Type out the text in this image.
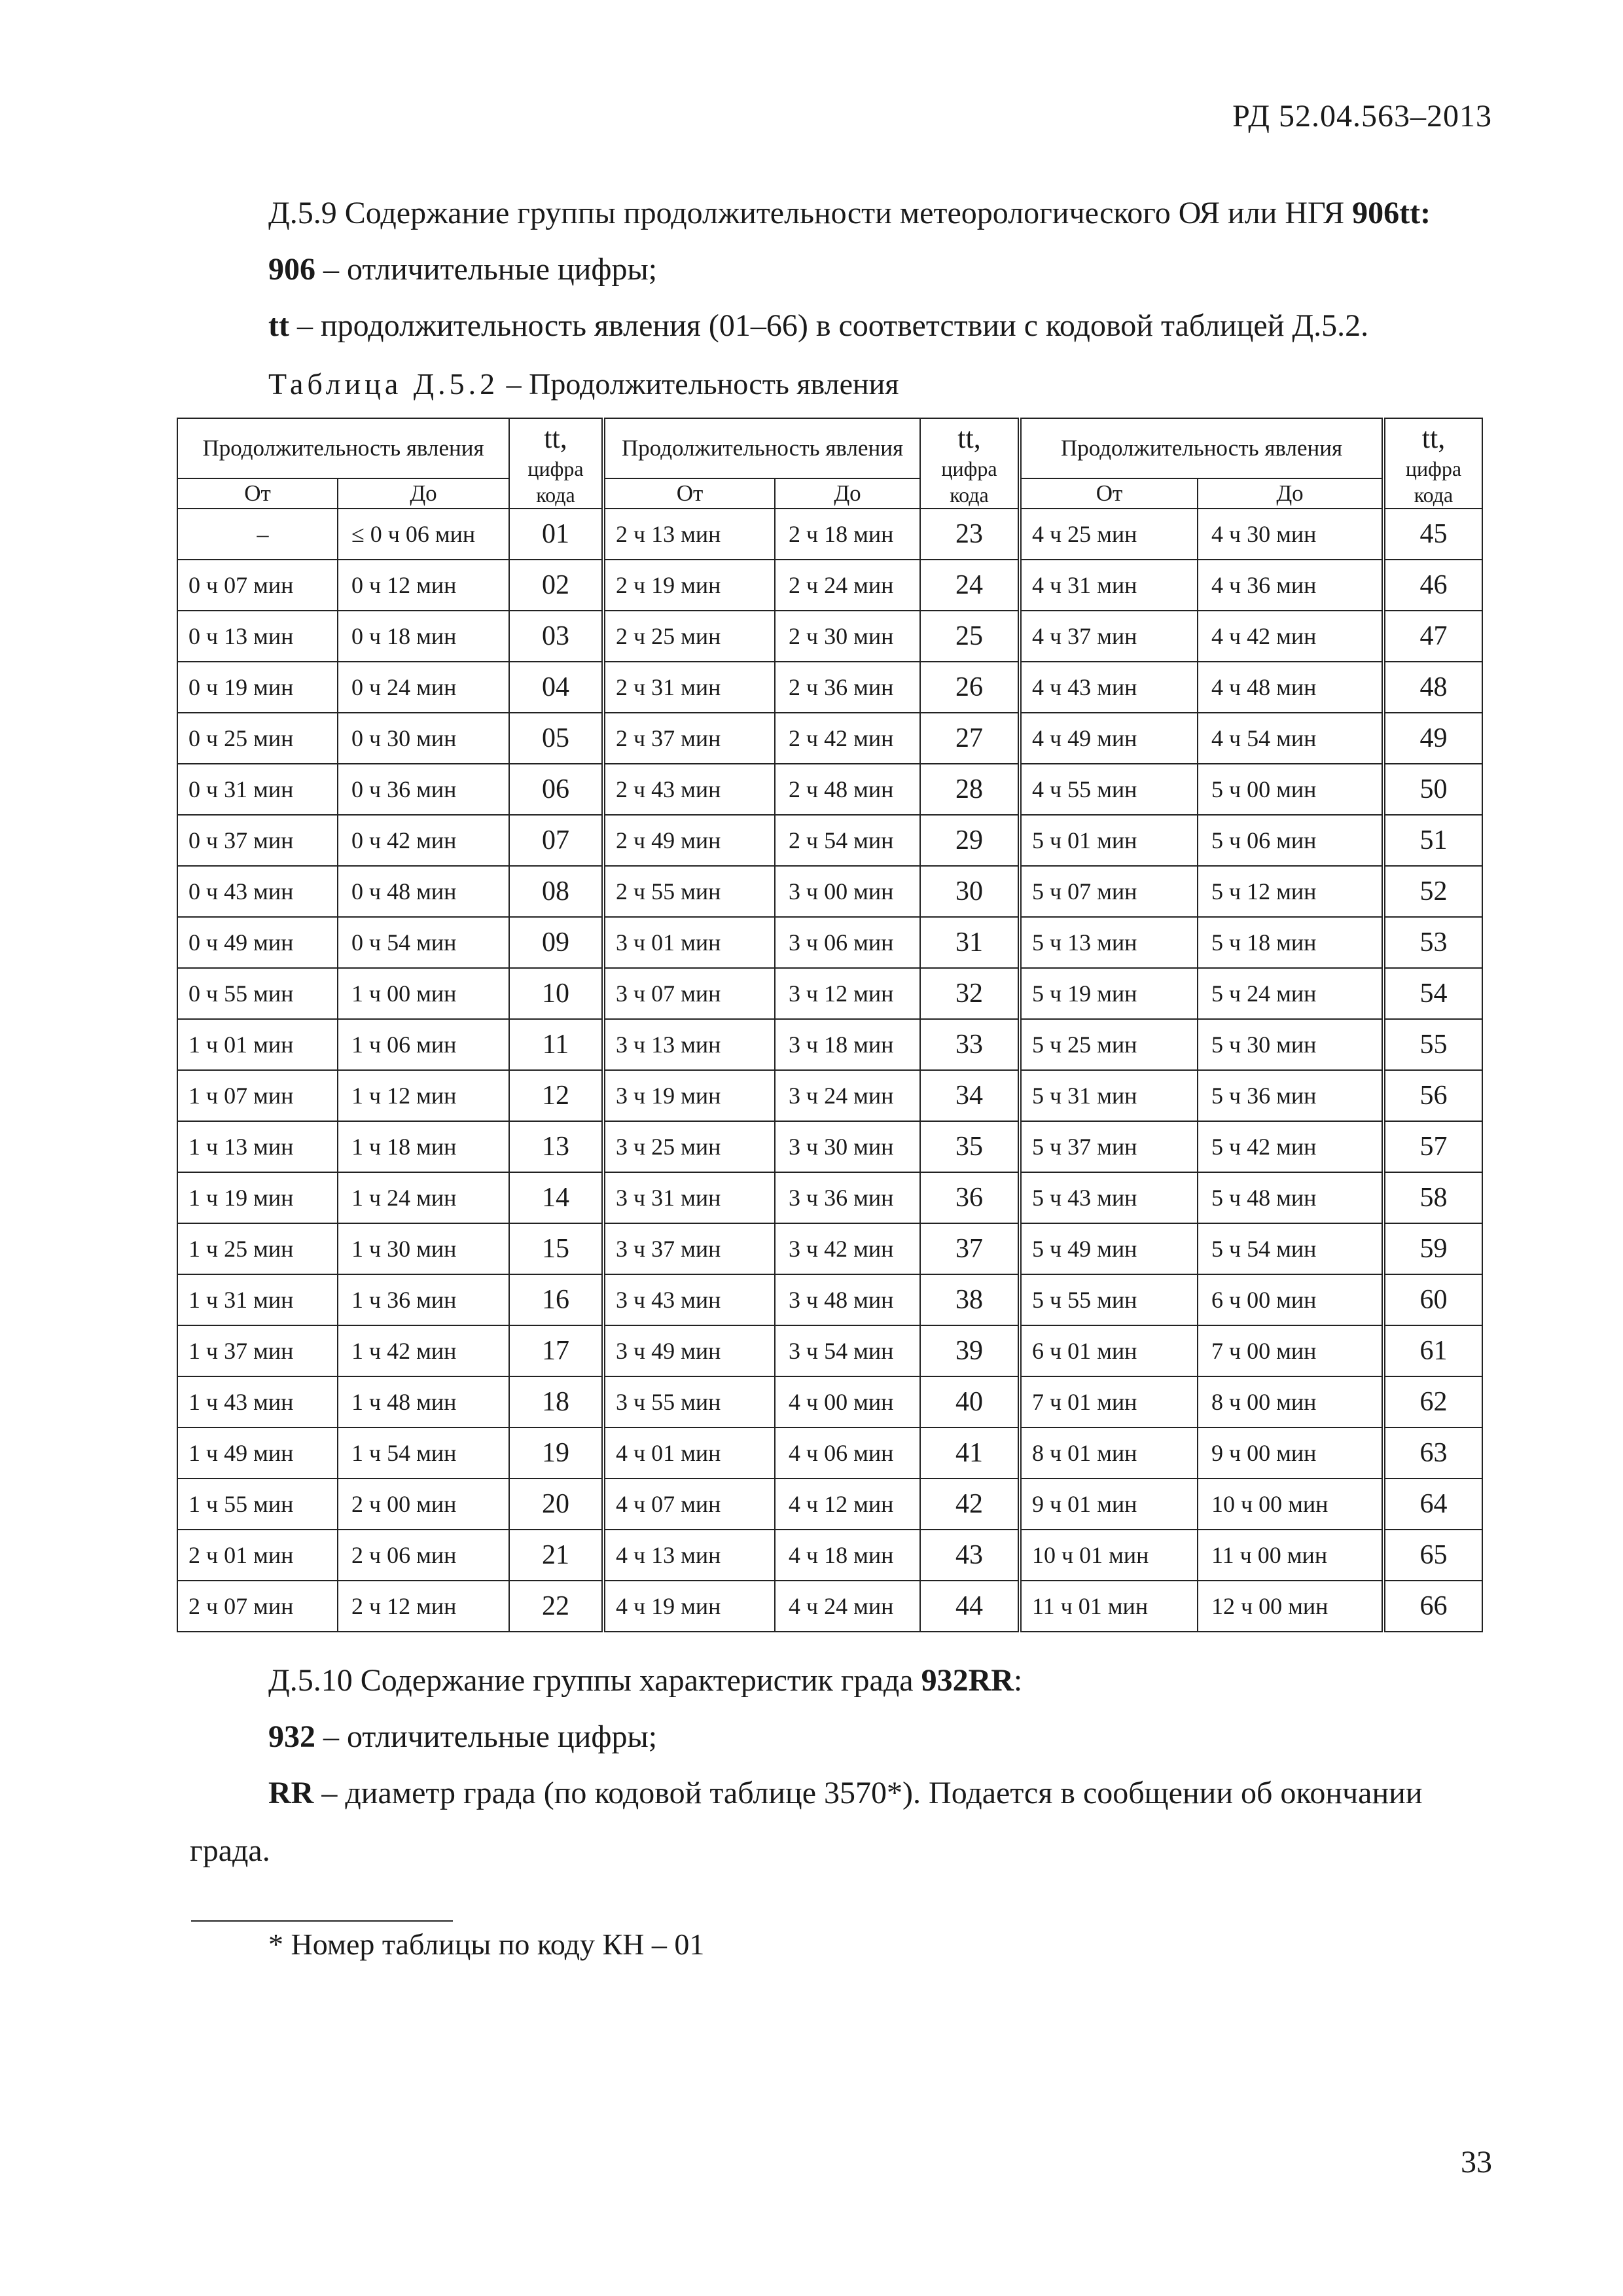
РД 52.04.563–2013
Д.5.9 Содержание группы продолжительности метеорологического ОЯ или НГЯ 906tt:
906 – отличительные цифры;
tt – продолжительность явления (01–66) в соответствии с кодовой таблицей Д.5.2.
Таблица Д.5.2 – Продолжительность явления
Продолжительность явления		tt,
цифра
кода	Продолжительность явления		tt,
цифра
кода	Продолжительность явления		tt,
цифра
кода

От	До		От	До		От	До	
–	≤ 0 ч 06 мин	01	2 ч 13 мин	2 ч 18 мин	23	4 ч 25 мин	4 ч 30 мин	45
0 ч 07 мин	0 ч 12 мин	02	2 ч 19 мин	2 ч 24 мин	24	4 ч 31 мин	4 ч 36 мин	46
0 ч 13 мин	0 ч 18 мин	03	2 ч 25 мин	2 ч 30 мин	25	4 ч 37 мин	4 ч 42 мин	47
0 ч 19 мин	0 ч 24 мин	04	2 ч 31 мин	2 ч 36 мин	26	4 ч 43 мин	4 ч 48 мин	48
0 ч 25 мин	0 ч 30 мин	05	2 ч 37 мин	2 ч 42 мин	27	4 ч 49 мин	4 ч 54 мин	49
0 ч 31 мин	0 ч 36 мин	06	2 ч 43 мин	2 ч 48 мин	28	4 ч 55 мин	5 ч 00 мин	50
0 ч 37 мин	0 ч 42 мин	07	2 ч 49 мин	2 ч 54 мин	29	5 ч 01 мин	5 ч 06 мин	51
0 ч 43 мин	0 ч 48 мин	08	2 ч 55 мин	3 ч 00 мин	30	5 ч 07 мин	5 ч 12 мин	52
0 ч 49 мин	0 ч 54 мин	09	3 ч 01 мин	3 ч 06 мин	31	5 ч 13 мин	5 ч 18 мин	53
0 ч 55 мин	1 ч 00 мин	10	3 ч 07 мин	3 ч 12 мин	32	5 ч 19 мин	5 ч 24 мин	54
1 ч 01 мин	1 ч 06 мин	11	3 ч 13 мин	3 ч 18 мин	33	5 ч 25 мин	5 ч 30 мин	55
1 ч 07 мин	1 ч 12 мин	12	3 ч 19 мин	3 ч 24 мин	34	5 ч 31 мин	5 ч 36 мин	56
1 ч 13 мин	1 ч 18 мин	13	3 ч 25 мин	3 ч 30 мин	35	5 ч 37 мин	5 ч 42 мин	57
1 ч 19 мин	1 ч 24 мин	14	3 ч 31 мин	3 ч 36 мин	36	5 ч 43 мин	5 ч 48 мин	58
1 ч 25 мин	1 ч 30 мин	15	3 ч 37 мин	3 ч 42 мин	37	5 ч 49 мин	5 ч 54 мин	59
1 ч 31 мин	1 ч 36 мин	16	3 ч 43 мин	3 ч 48 мин	38	5 ч 55 мин	6 ч 00 мин	60
1 ч 37 мин	1 ч 42 мин	17	3 ч 49 мин	3 ч 54 мин	39	6 ч 01 мин	7 ч 00 мин	61
1 ч 43 мин	1 ч 48 мин	18	3 ч 55 мин	4 ч 00 мин	40	7 ч 01 мин	8 ч 00 мин	62
1 ч 49 мин	1 ч 54 мин	19	4 ч 01 мин	4 ч 06 мин	41	8 ч 01 мин	9 ч 00 мин	63
1 ч 55 мин	2 ч 00 мин	20	4 ч 07 мин	4 ч 12 мин	42	9 ч 01 мин	10 ч 00 мин	64
2 ч 01 мин	2 ч 06 мин	21	4 ч 13 мин	4 ч 18 мин	43	10 ч 01 мин	11 ч 00 мин	65
2 ч 07 мин	2 ч 12 мин	22	4 ч 19 мин	4 ч 24 мин	44	11 ч 01 мин	12 ч 00 мин	66
Д.5.10 Содержание группы характеристик града 932RR:
932 – отличительные цифры;
RR – диаметр града (по кодовой таблице 3570*). Подается в сообщении об окончании
града.
* Номер таблицы по коду КН – 01
33
